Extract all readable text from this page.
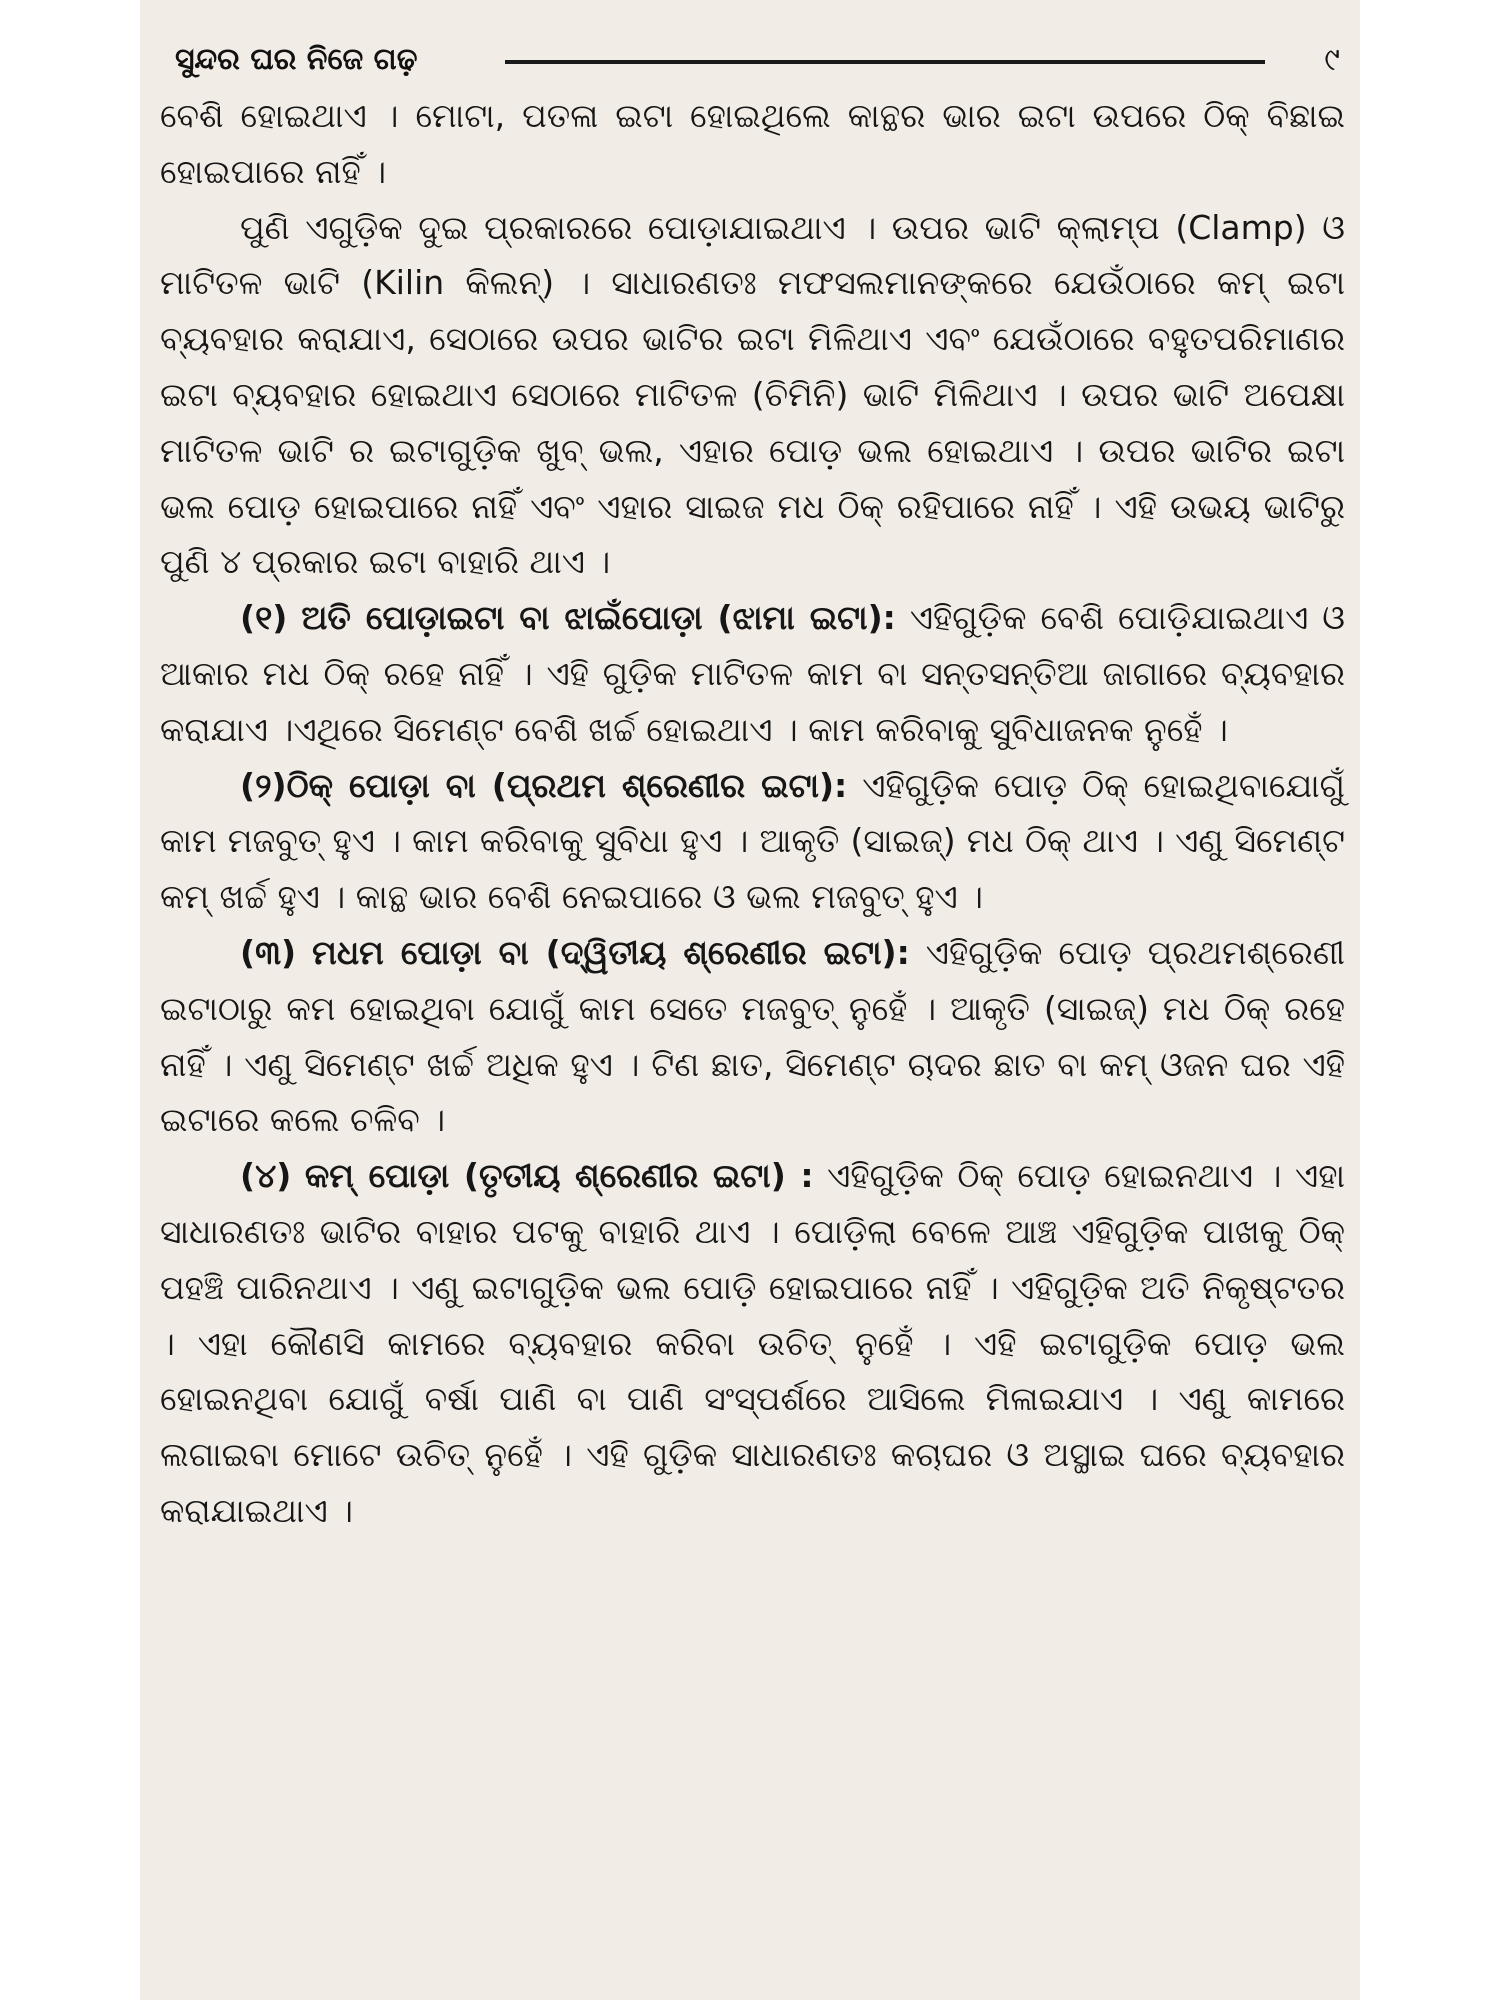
ସୁନ୍ଦର ଘର ନିଜେ ଗଢ଼	୯

ବେଶି ହୋଇଥାଏ । ମୋଟା, ପତଳା ଇଟା ହୋଇଥିଲେ କାନ୍ଥର ଭାର ଇଟା ଉପରେ ଠିକ୍ ବିଛାଇ ହୋଇପାରେ ନାହିଁ ।

ପୁଣି ଏଗୁଡ଼ିକ ଦୁଇ ପ୍ରକାରରେ ପୋଡ଼ାଯାଇଥାଏ । ଉପର ଭାଟି କ୍ଲାମ୍ପ (Clamp) ଓ ମାଟିତଳ ଭାଟି (Kilin କିଲନ୍) । ସାଧାରଣତଃ ମଫସଲମାନଙ୍କରେ ଯେଉଁଠାରେ କମ୍ ଇଟା ବ୍ୟବହାର କରାଯାଏ, ସେଠାରେ ଉପର ଭାଟିର ଇଟା ମିଳିଥାଏ ଏବଂ ଯେଉଁଠାରେ ବହୁତପରିମାଣର ଇଟା ବ୍ୟବହାର ହୋଇଥାଏ ସେଠାରେ ମାଟିତଳ (ଚିମିନି) ଭାଟି ମିଳିଥାଏ । ଉପର ଭାଟି ଅପେକ୍ଷା ମାଟିତଳ ଭାଟି ର ଇଟାଗୁଡ଼ିକ ଖୁବ୍ ଭଲ, ଏହାର ପୋଡ଼ ଭଲ ହୋଇଥାଏ । ଉପର ଭାଟିର ଇଟା ଭଲ ପୋଡ଼ ହୋଇପାରେ ନାହିଁ ଏବଂ ଏହାର ସାଇଜ ମଧ ଠିକ୍ ରହିପାରେ ନାହିଁ । ଏହି ଉଭୟ ଭାଟିରୁ ପୁଣି ୪ ପ୍ରକାର ଇଟା ବାହାରି ଥାଏ ।

(୧) ଅତି ପୋଡ଼ାଇଟା ବା ଝାଇଁପୋଡ଼ା (ଝାମା ଇଟା): ଏହିଗୁଡ଼ିକ ବେଶି ପୋଡ଼ିଯାଇଥାଏ ଓ ଆକାର ମଧ ଠିକ୍ ରହେ ନାହିଁ । ଏହି ଗୁଡ଼ିକ ମାଟିତଳ କାମ ବା ସନ୍ତସନ୍ତିଆ ଜାଗାରେ ବ୍ୟବହାର କରାଯାଏ ।ଏଥିରେ ସିମେଣ୍ଟ ବେଶି ଖର୍ଚ୍ଚ ହୋଇଥାଏ । କାମ କରିବାକୁ ସୁବିଧାଜନକ ନୁହେଁ ।

(୨)ଠିକ୍ ପୋଡ଼ା ବା (ପ୍ରଥମ ଶ୍ରେଣୀର ଇଟା): ଏହିଗୁଡ଼ିକ ପୋଡ଼ ଠିକ୍ ହୋଇଥିବାଯୋଗୁଁ କାମ ମଜବୁତ୍ ହୁଏ । କାମ କରିବାକୁ ସୁବିଧା ହୁଏ । ଆକୃତି (ସାଇଜ୍) ମଧ ଠିକ୍ ଥାଏ । ଏଣୁ ସିମେଣ୍ଟ କମ୍ ଖର୍ଚ୍ଚ ହୁଏ । କାନ୍ଥ ଭାର ବେଶି ନେଇପାରେ ଓ ଭଲ ମଜବୁତ୍ ହୁଏ ।

(୩) ମଧମ ପୋଡ଼ା ବା (ଦ୍ୱିତୀୟ ଶ୍ରେଣୀର ଇଟା): ଏହିଗୁଡ଼ିକ ପୋଡ଼ ପ୍ରଥମଶ୍ରେଣୀ ଇଟାଠାରୁ କମ ହୋଇଥିବା ଯୋଗୁଁ କାମ ସେତେ ମଜବୁତ୍ ନୁହେଁ । ଆକୃତି (ସାଇଜ୍) ମଧ ଠିକ୍ ରହେ ନାହିଁ । ଏଣୁ ସିମେଣ୍ଟ ଖର୍ଚ୍ଚ ଅଧିକ ହୁଏ । ଟିଣ ଛାତ, ସିମେଣ୍ଟ ଚାଦର ଛାତ ବା କମ୍ ଓଜନ ଘର ଏହି ଇଟାରେ କଲେ ଚଳିବ ।

(୪) କମ୍ ପୋଡ଼ା (ତୃତୀୟ ଶ୍ରେଣୀର ଇଟା) : ଏହିଗୁଡ଼ିକ ଠିକ୍ ପୋଡ଼ ହୋଇନଥାଏ । ଏହା ସାଧାରଣତଃ ଭାଟିର ବାହାର ପଟକୁ ବାହାରି ଥାଏ । ପୋଡ଼ିଲା ବେଳେ ଆଞ୍ଚ ଏହିଗୁଡ଼ିକ ପାଖକୁ ଠିକ୍ ପହଞ୍ଚି ପାରିନଥାଏ । ଏଣୁ ଇଟାଗୁଡ଼ିକ ଭଲ ପୋଡ଼ି ହୋଇପାରେ ନାହିଁ । ଏହିଗୁଡ଼ିକ ଅତି ନିକୃଷ୍ଟତର । ଏହା କୌଣସି କାମରେ ବ୍ୟବହାର କରିବା ଉଚିତ୍ ନୁହେଁ । ଏହି ଇଟାଗୁଡ଼ିକ ପୋଡ଼ ଭଲ ହୋଇନଥିବା ଯୋଗୁଁ ବର୍ଷା ପାଣି ବା ପାଣି ସଂସ୍ପର୍ଶରେ ଆସିଲେ ମିଳାଇଯାଏ । ଏଣୁ କାମରେ ଲଗାଇବା ମୋଟେ ଉଚିତ୍ ନୁହେଁ । ଏହି ଗୁଡ଼ିକ ସାଧାରଣତଃ କଚାଘର ଓ ଅସ୍ଥାଇ ଘରେ ବ୍ୟବହାର କରାଯାଇଥାଏ ।
